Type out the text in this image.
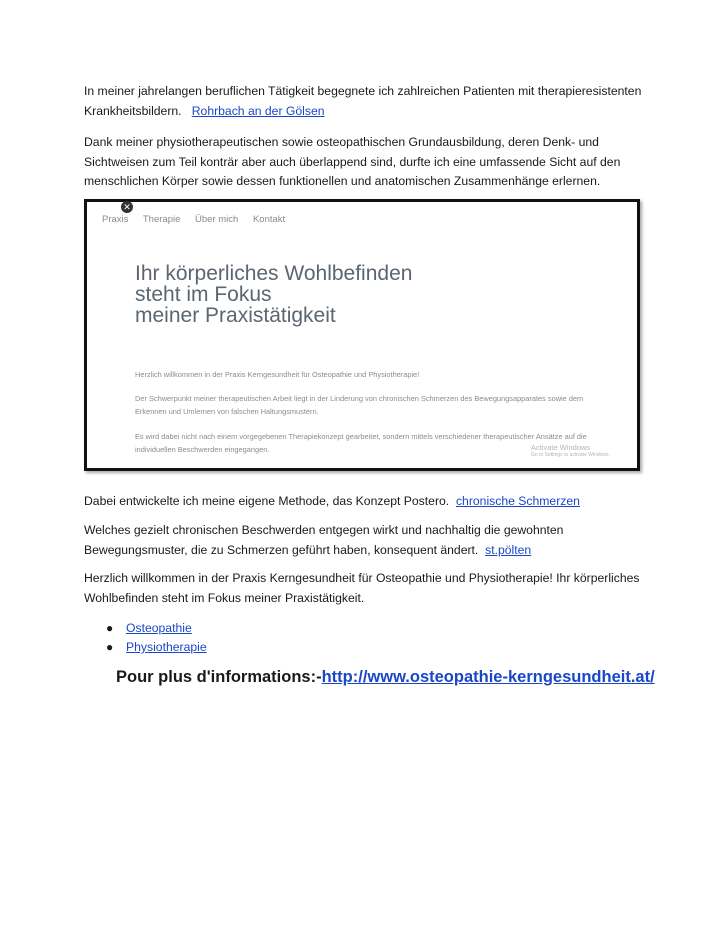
In meiner jahrelangen beruflichen Tätigkeit begegnete ich zahlreichen Patienten mit therapieresistenten Krankheitsbildern. Rohrbach an der Gölsen

Dank meiner physiotherapeutischen sowie osteopathischen Grundausbildung, deren Denk- und Sichtweisen zum Teil konträr aber auch überlappend sind, durfte ich eine umfassende Sicht auf den menschlichen Körper sowie dessen funktionellen und anatomischen Zusammenhänge erlernen.

Praxis Therapie Über mich Kontakt
Ihr körperliches Wohlbefinden
steht im Fokus
meiner Praxistätigkeit

Herzlich willkommen in der Praxis Kerngesundheit für Osteopathie und Physiotherapie!

Der Schwerpunkt meiner therapeutischen Arbeit liegt in der Linderung von chronischen Schmerzen des Bewegungsapparates sowie dem Erkennen und Umlernen von falschen Haltungsmustern.

Es wird dabei nicht nach einem vorgegebenen Therapiekonzept gearbeitet, sondern mittels verschiedener therapeutischer Ansätze auf die individuellen Beschwerden eingegangen.	Activate Windows
Go to Settings to activate Windows.
✕

Dabei entwickelte ich meine eigene Methode, das Konzept Postero. chronische Schmerzen

Welches gezielt chronischen Beschwerden entgegen wirkt und nachhaltig die gewohnten Bewegungsmuster, die zu Schmerzen geführt haben, konsequent ändert. st.pölten

Herzlich willkommen in der Praxis Kerngesundheit für Osteopathie und Physiotherapie! Ihr körperliches Wohlbefinden steht im Fokus meiner Praxistätigkeit.

● Osteopathie
● Physiotherapie
Pour plus d'informations:-http://www.osteopathie-kerngesundheit.at/
